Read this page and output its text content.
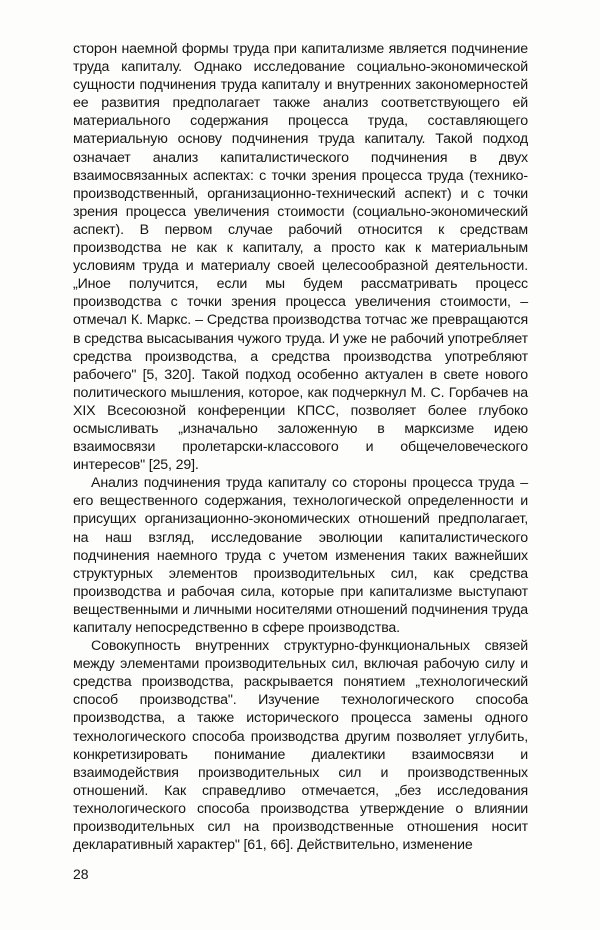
сторон наемной формы труда при капитализме является подчинение труда капиталу. Однако исследование социально-экономической сущности подчинения труда капиталу и внутренних закономерностей ее развития предполагает также анализ соответствующего ей материального содержания процесса труда, составляющего материальную основу подчинения труда капиталу. Такой подход означает анализ капиталистического подчинения в двух взаимосвязанных аспектах: с точки зрения процесса труда (технико-производственный, организационно-технический аспект) и с точки зрения процесса увеличения стоимости (социально-экономический аспект). В первом случае рабочий относится к средствам производства не как к капиталу, а просто как к материальным условиям труда и материалу своей целесообразной деятельности. „Иное получится, если мы будем рассматривать процесс производства с точки зрения процесса увеличения стоимости, – отмечал К. Маркс. – Средства производства тотчас же превращаются в средства высасывания чужого труда. И уже не рабочий употребляет средства производства, а средства производства употребляют рабочего" [5, 320]. Такой подход особенно актуален в свете нового политического мышления, которое, как подчеркнул М. С. Горбачев на XIX Всесоюзной конференции КПСС, позволяет более глубоко осмысливать „изначально заложенную в марксизме идею взаимосвязи пролетарски-классового и общечеловеческого интересов" [25, 29].

Анализ подчинения труда капиталу со стороны процесса труда – его вещественного содержания, технологической определенности и присущих организационно-экономических отношений предполагает, на наш взгляд, исследование эволюции капиталистического подчинения наемного труда с учетом изменения таких важнейших структурных элементов производительных сил, как средства производства и рабочая сила, которые при капитализме выступают вещественными и личными носителями отношений подчинения труда капиталу непосредственно в сфере производства.

Совокупность внутренних структурно-функциональных связей между элементами производительных сил, включая рабочую силу и средства производства, раскрывается понятием „технологический способ производства". Изучение технологического способа производства, а также исторического процесса замены одного технологического способа производства другим позволяет углубить, конкретизировать понимание диалектики взаимосвязи и взаимодействия производительных сил и производственных отношений. Как справедливо отмечается, „без исследования технологического способа производства утверждение о влиянии производительных сил на производственные отношения носит декларативный характер" [61, 66]. Действительно, изменение

28
